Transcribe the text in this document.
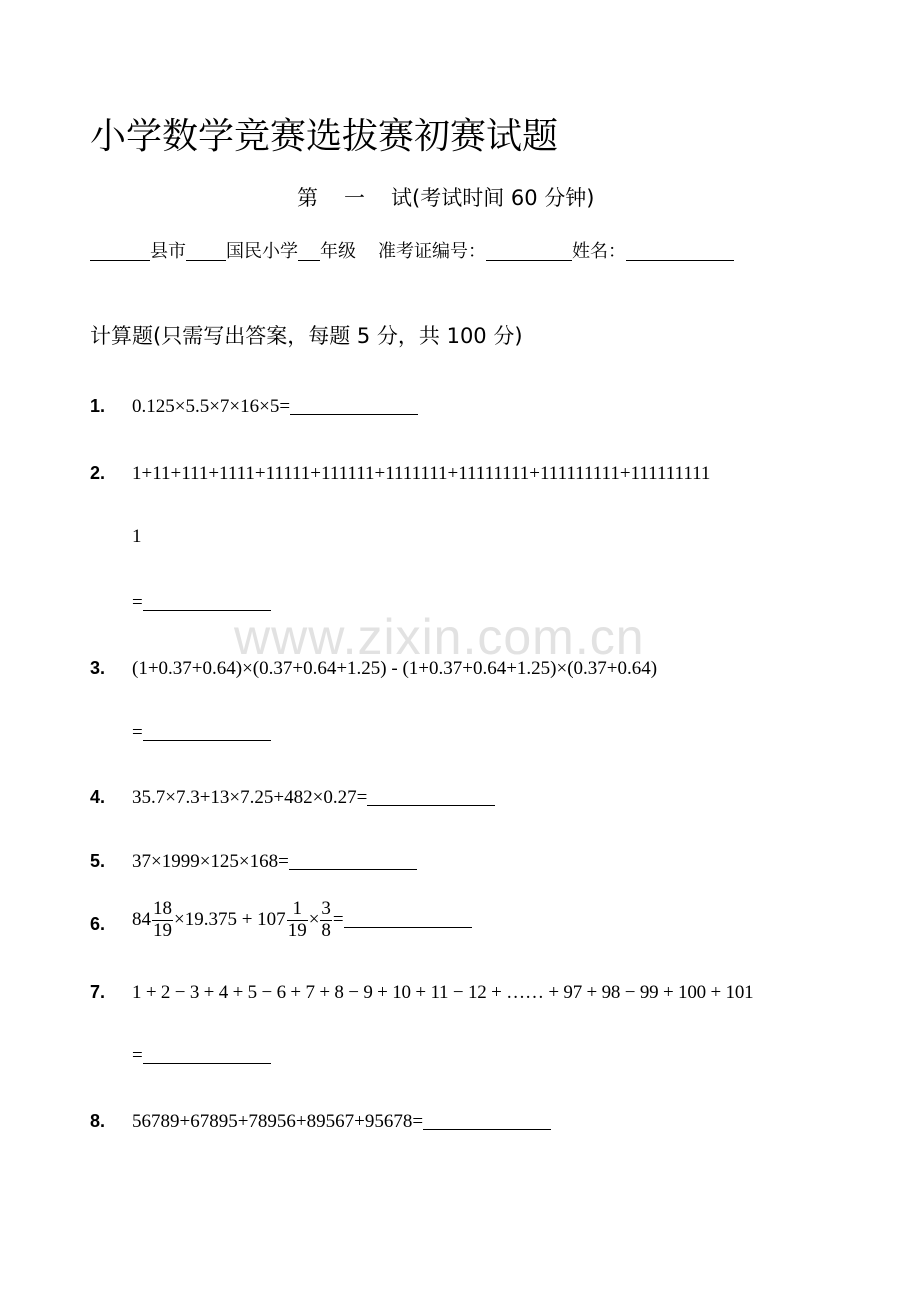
小学数学竞赛选拔赛初赛试题
第 一 试(考试时间 60 分钟)
县市 国民小学 年级 准考证编号：	姓名：
计算题(只需写出答案，每题 5 分，共 100 分)
1. 0.125×5.5×7×16×5=
2. 1+11+111+1111+11111+111111+1111111+11111111+111111111+111111111
1
=
3. (1+0.37+0.64)×(0.37+0.64+1.25) - (1+0.37+0.64+1.25)×(0.37+0.64)
=
4. 35.7×7.3+13×7.25+482×0.27=
5. 37×1999×125×168=
6. $84 \frac{18}{19} \times 19.375 + 107 \frac{1}{19} \times \frac{3}{8}$ =
7. 1 + 2 − 3 + 4 + 5 − 6 + 7 + 8 − 9 + 10 + 11 − 12 + …… + 97 + 98 − 99 + 100 + 101
=
8. 56789+67895+78956+89567+95678=
www.zixin.com.cn
